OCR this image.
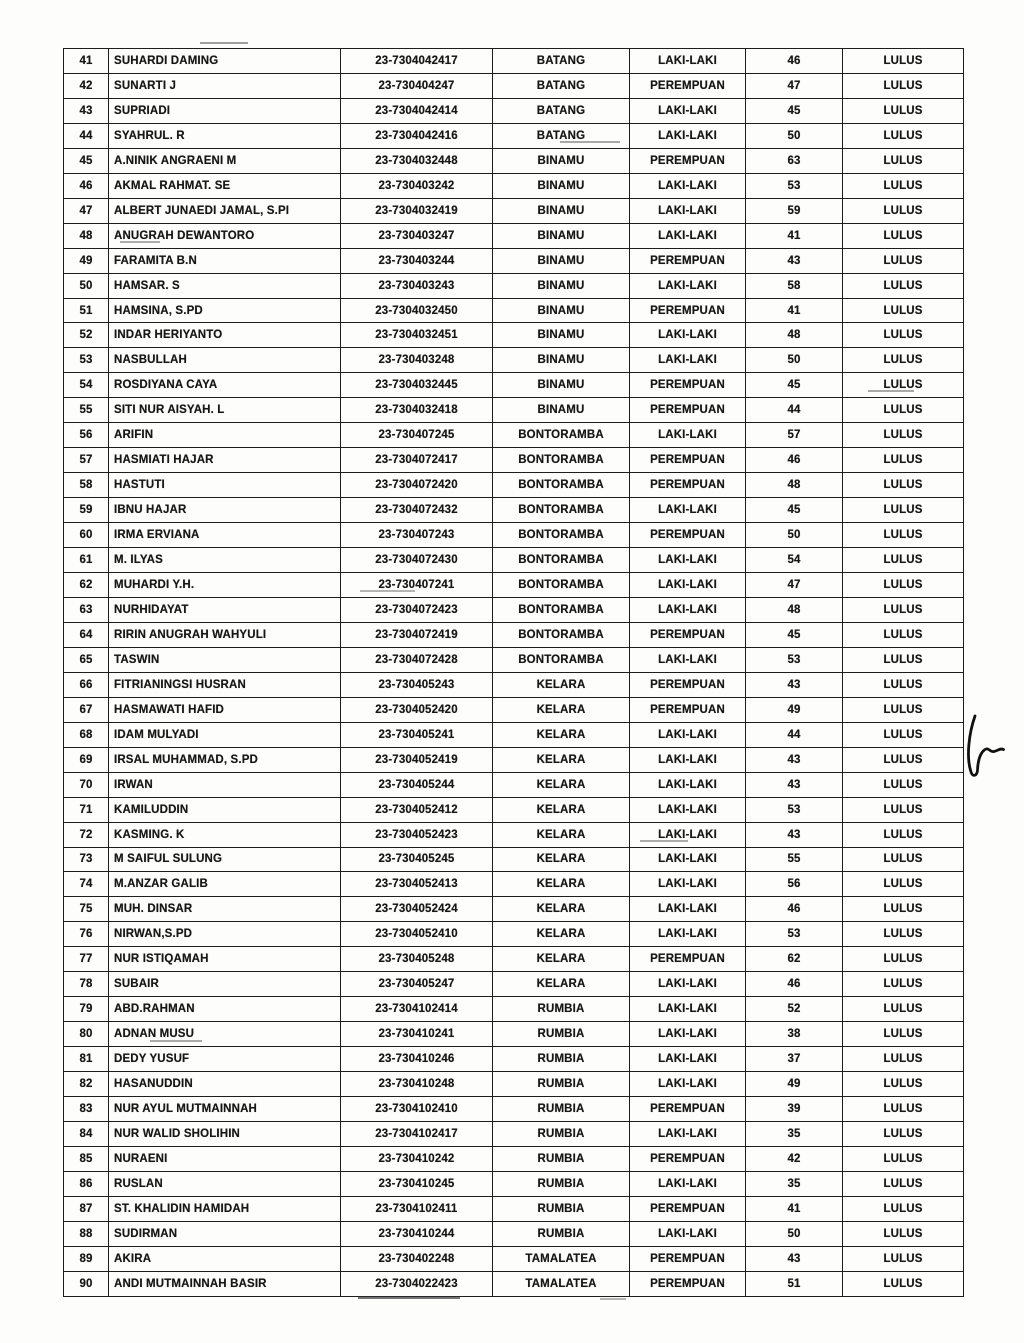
41	SUHARDI DAMING	23-7304042417	BATANG	LAKI-LAKI	46	LULUS
42	SUNARTI J	23-730404247	BATANG	PEREMPUAN	47	LULUS
43	SUPRIADI	23-7304042414	BATANG	LAKI-LAKI	45	LULUS
44	SYAHRUL. R	23-7304042416	BATANG	LAKI-LAKI	50	LULUS
45	A.NINIK ANGRAENI M	23-7304032448	BINAMU	PEREMPUAN	63	LULUS
46	AKMAL RAHMAT. SE	23-730403242	BINAMU	LAKI-LAKI	53	LULUS
47	ALBERT JUNAEDI JAMAL, S.PI	23-7304032419	BINAMU	LAKI-LAKI	59	LULUS
48	ANUGRAH DEWANTORO	23-730403247	BINAMU	LAKI-LAKI	41	LULUS
49	FARAMITA B.N	23-730403244	BINAMU	PEREMPUAN	43	LULUS
50	HAMSAR. S	23-730403243	BINAMU	LAKI-LAKI	58	LULUS
51	HAMSINA, S.PD	23-7304032450	BINAMU	PEREMPUAN	41	LULUS
52	INDAR HERIYANTO	23-7304032451	BINAMU	LAKI-LAKI	48	LULUS
53	NASBULLAH	23-730403248	BINAMU	LAKI-LAKI	50	LULUS
54	ROSDIYANA CAYA	23-7304032445	BINAMU	PEREMPUAN	45	LULUS
55	SITI NUR AISYAH. L	23-7304032418	BINAMU	PEREMPUAN	44	LULUS
56	ARIFIN	23-730407245	BONTORAMBA	LAKI-LAKI	57	LULUS
57	HASMIATI HAJAR	23-7304072417	BONTORAMBA	PEREMPUAN	46	LULUS
58	HASTUTI	23-7304072420	BONTORAMBA	PEREMPUAN	48	LULUS
59	IBNU HAJAR	23-7304072432	BONTORAMBA	LAKI-LAKI	45	LULUS
60	IRMA ERVIANA	23-730407243	BONTORAMBA	PEREMPUAN	50	LULUS
61	M. ILYAS	23-7304072430	BONTORAMBA	LAKI-LAKI	54	LULUS
62	MUHARDI Y.H.	23-730407241	BONTORAMBA	LAKI-LAKI	47	LULUS
63	NURHIDAYAT	23-7304072423	BONTORAMBA	LAKI-LAKI	48	LULUS
64	RIRIN ANUGRAH WAHYULI	23-7304072419	BONTORAMBA	PEREMPUAN	45	LULUS
65	TASWIN	23-7304072428	BONTORAMBA	LAKI-LAKI	53	LULUS
66	FITRIANINGSI HUSRAN	23-730405243	KELARA	PEREMPUAN	43	LULUS
67	HASMAWATI HAFID	23-7304052420	KELARA	PEREMPUAN	49	LULUS
68	IDAM MULYADI	23-730405241	KELARA	LAKI-LAKI	44	LULUS
69	IRSAL MUHAMMAD, S.PD	23-7304052419	KELARA	LAKI-LAKI	43	LULUS
70	IRWAN	23-730405244	KELARA	LAKI-LAKI	43	LULUS
71	KAMILUDDIN	23-7304052412	KELARA	LAKI-LAKI	53	LULUS
72	KASMING. K	23-7304052423	KELARA	LAKI-LAKI	43	LULUS
73	M SAIFUL SULUNG	23-730405245	KELARA	LAKI-LAKI	55	LULUS
74	M.ANZAR GALIB	23-7304052413	KELARA	LAKI-LAKI	56	LULUS
75	MUH. DINSAR	23-7304052424	KELARA	LAKI-LAKI	46	LULUS
76	NIRWAN,S.PD	23-7304052410	KELARA	LAKI-LAKI	53	LULUS
77	NUR ISTIQAMAH	23-730405248	KELARA	PEREMPUAN	62	LULUS
78	SUBAIR	23-730405247	KELARA	LAKI-LAKI	46	LULUS
79	ABD.RAHMAN	23-7304102414	RUMBIA	LAKI-LAKI	52	LULUS
80	ADNAN MUSU	23-730410241	RUMBIA	LAKI-LAKI	38	LULUS
81	DEDY YUSUF	23-730410246	RUMBIA	LAKI-LAKI	37	LULUS
82	HASANUDDIN	23-730410248	RUMBIA	LAKI-LAKI	49	LULUS
83	NUR AYUL MUTMAINNAH	23-7304102410	RUMBIA	PEREMPUAN	39	LULUS
84	NUR WALID SHOLIHIN	23-7304102417	RUMBIA	LAKI-LAKI	35	LULUS
85	NURAENI	23-730410242	RUMBIA	PEREMPUAN	42	LULUS
86	RUSLAN	23-730410245	RUMBIA	LAKI-LAKI	35	LULUS
87	ST. KHALIDIN HAMIDAH	23-7304102411	RUMBIA	PEREMPUAN	41	LULUS
88	SUDIRMAN	23-730410244	RUMBIA	LAKI-LAKI	50	LULUS
89	AKIRA	23-730402248	TAMALATEA	PEREMPUAN	43	LULUS
90	ANDI MUTMAINNAH BASIR	23-7304022423	TAMALATEA	PEREMPUAN	51	LULUS
